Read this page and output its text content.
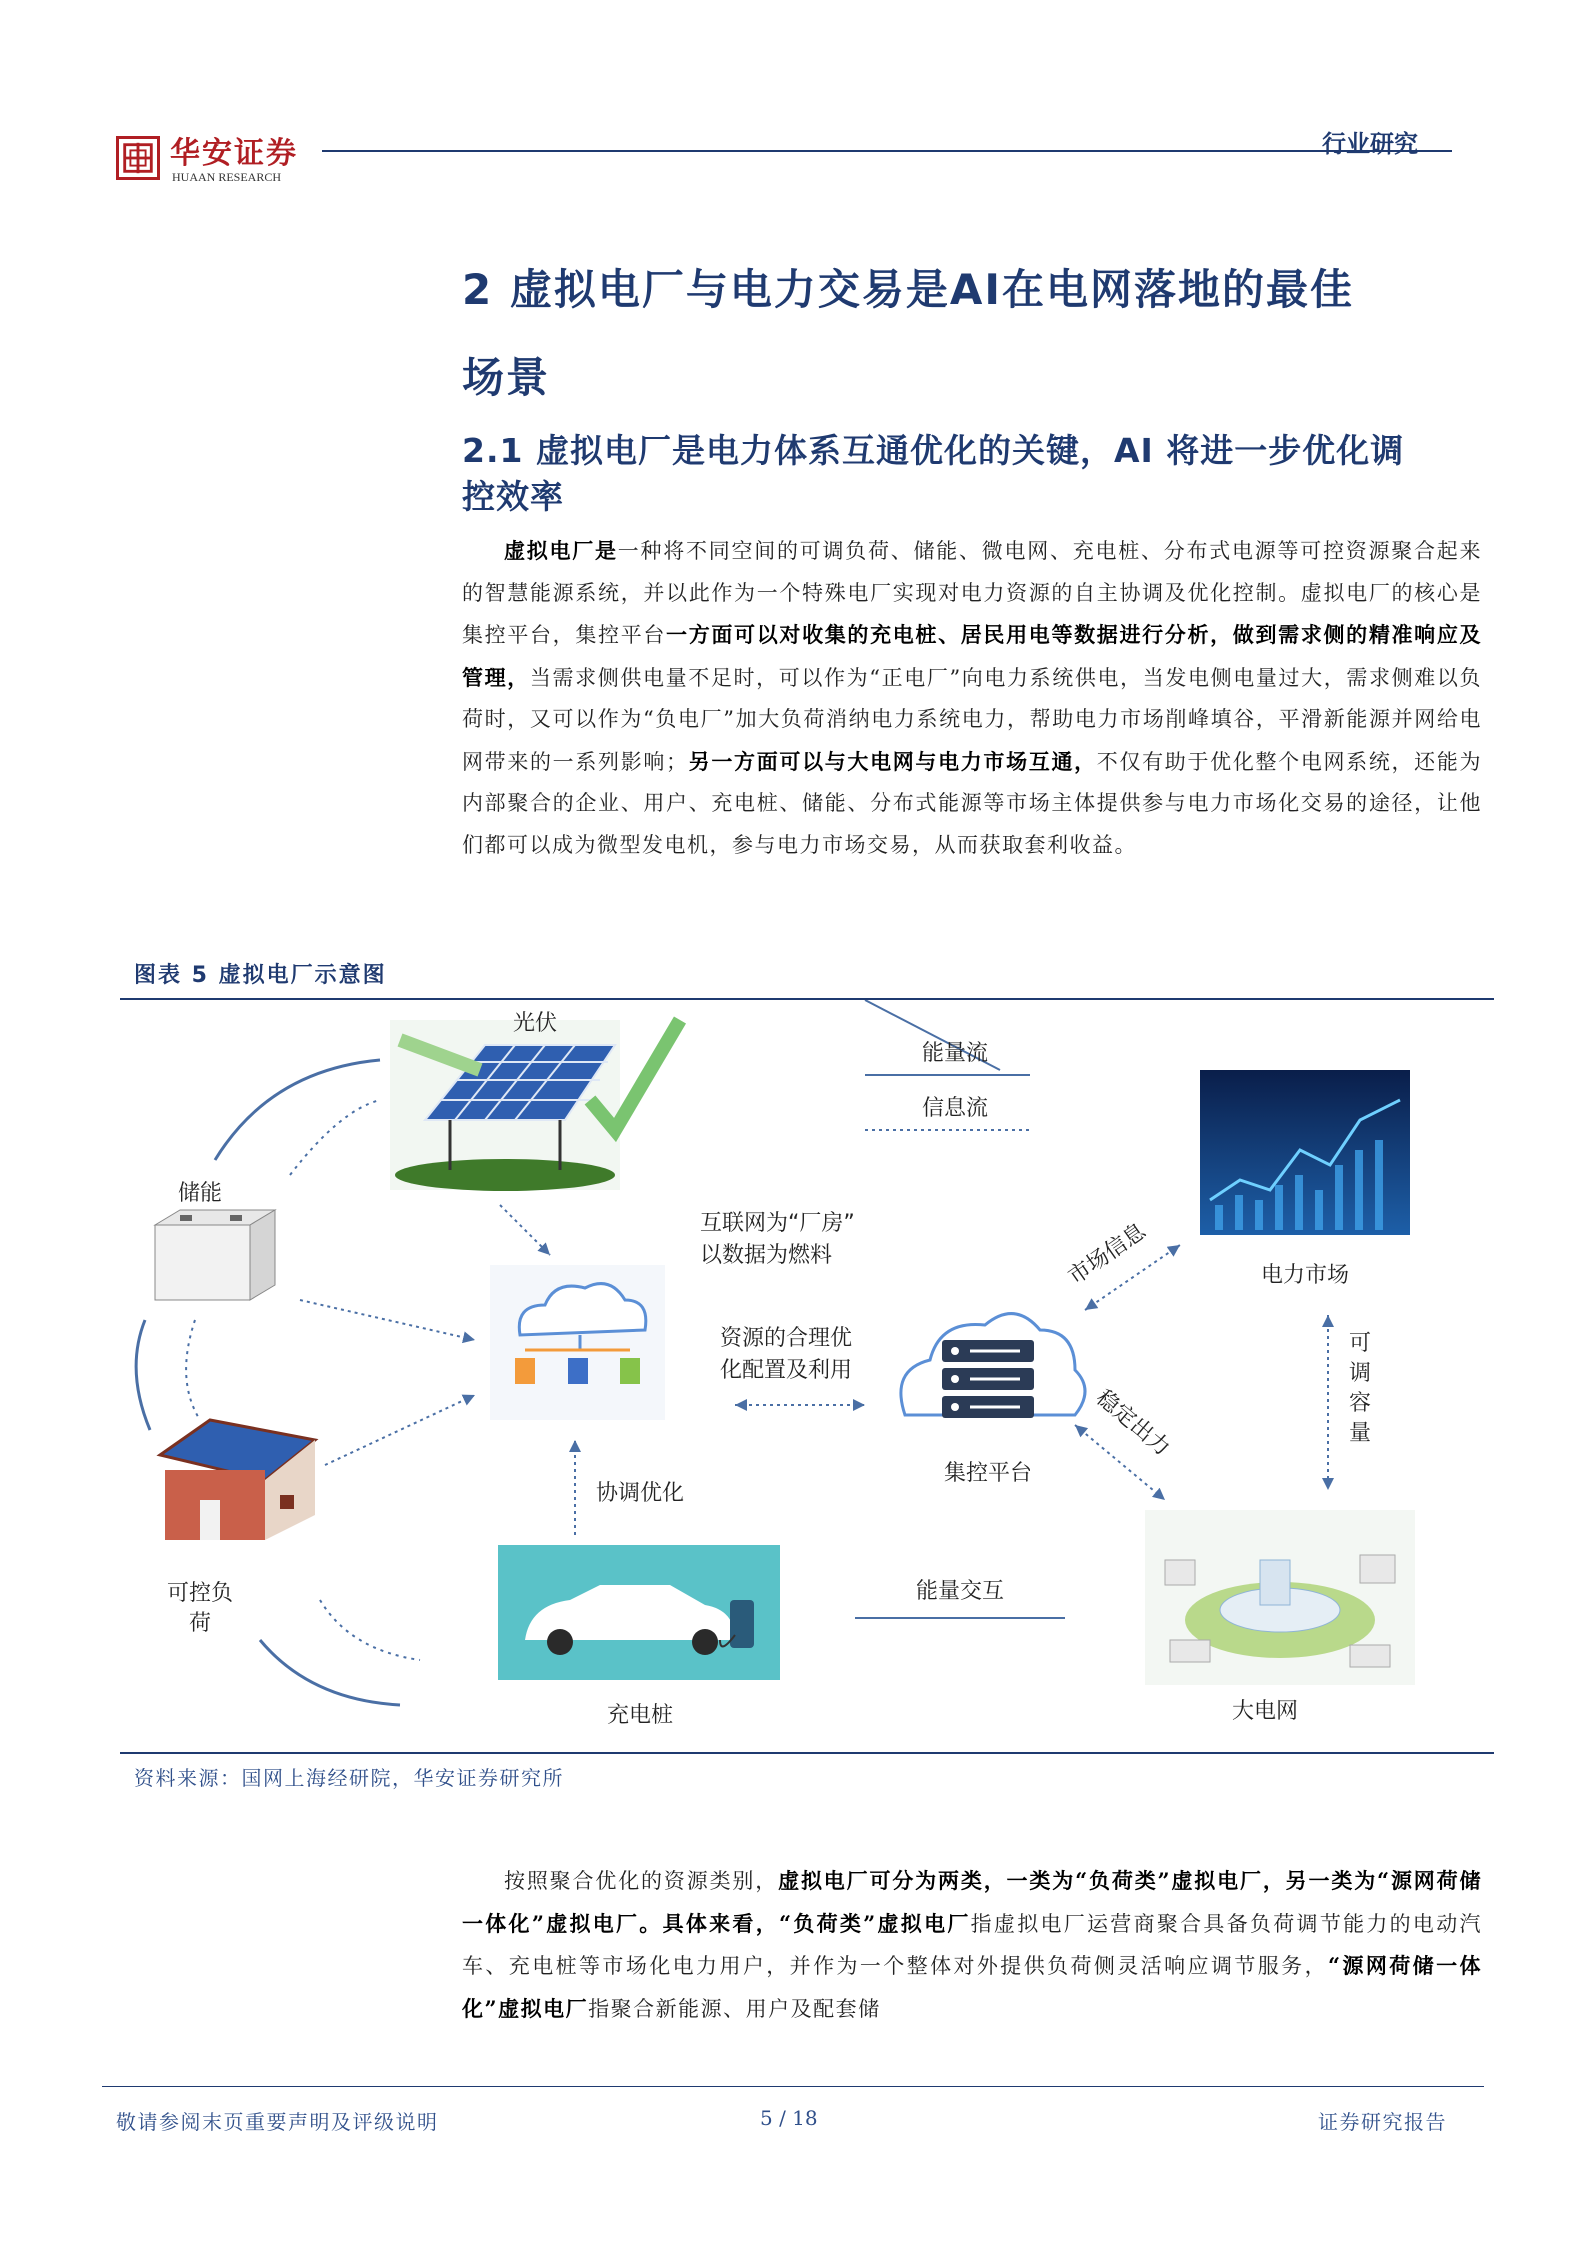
华安证券
HUAAN RESEARCH
行业研究
2 虚拟电厂与电力交易是AI在电网落地的最佳
场景
2.1 虚拟电厂是电力体系互通优化的关键，AI 将进一步优化调
控效率
虚拟电厂是一种将不同空间的可调负荷、储能、微电网、充电桩、分布式电源等可控资源聚合起来的智慧能源系统，并以此作为一个特殊电厂实现对电力资源的自主协调及优化控制。虚拟电厂的核心是集控平台，集控平台一方面可以对收集的充电桩、居民用电等数据进行分析，做到需求侧的精准响应及管理，当需求侧供电量不足时，可以作为“正电厂”向电力系统供电，当发电侧电量过大，需求侧难以负荷时，又可以作为“负电厂”加大负荷消纳电力系统电力，帮助电力市场削峰填谷，平滑新能源并网给电网带来的一系列影响；另一方面可以与大电网与电力市场互通，不仅有助于优化整个电网系统，还能为内部聚合的企业、用户、充电桩、储能、分布式能源等市场主体提供参与电力市场化交易的途径，让他们都可以成为微型发电机，参与电力市场交易，从而获取套利收益。
图表 5 虚拟电厂示意图
光伏
能量流
信息流
储能
可控负
荷
充电桩
协调优化
互联网为“厂房”
以数据为燃料
资源的合理优
化配置及利用
集控平台
电力市场
市场信息
稳定出力
可
调
容
量
大电网
能量交互
资料来源：国网上海经研院，华安证券研究所
按照聚合优化的资源类别，虚拟电厂可分为两类，一类为“负荷类”虚拟电厂，另一类为“源网荷储一体化”虚拟电厂。具体来看，“负荷类”虚拟电厂指虚拟电厂运营商聚合具备负荷调节能力的电动汽车、充电桩等市场化电力用户，并作为一个整体对外提供负荷侧灵活响应调节服务，“源网荷储一体化”虚拟电厂指聚合新能源、用户及配套储
敬请参阅末页重要声明及评级说明	5 / 18	证券研究报告
